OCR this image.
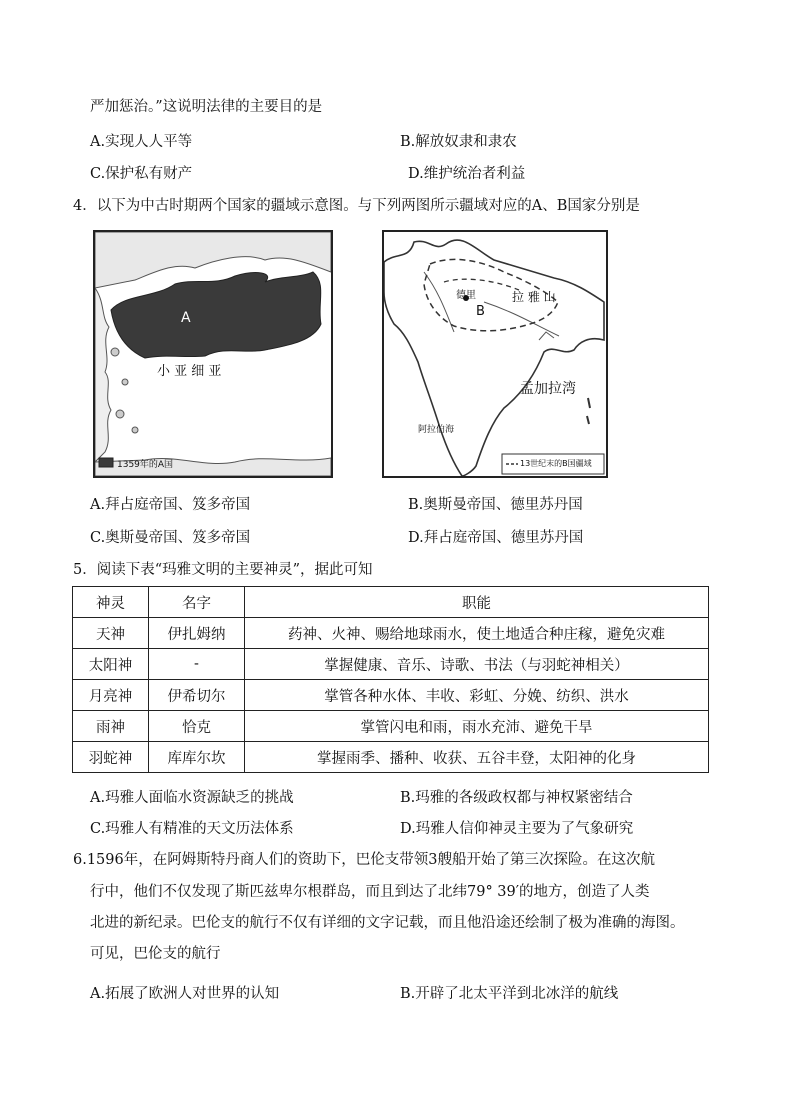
严加惩治。”这说明法律的主要目的是
A.实现人人平等	B.解放奴隶和隶农
C.保护私有财产	D.维护统治者利益
4．以下为中古时期两个国家的疆域示意图。与下列两图所示疆域对应的A、B国家分别是
A
小 亚 细 亚
1359年的A国
B
德里	拉 雅 山
孟加拉湾
阿拉伯海
13世纪末的B国疆域
A.拜占庭帝国、笈多帝国	B.奥斯曼帝国、德里苏丹国
C.奥斯曼帝国、笈多帝国	D.拜占庭帝国、德里苏丹国
5．阅读下表“玛雅文明的主要神灵”，据此可知
神灵	名字	职能
天神	伊扎姆纳	药神、火神、赐给地球雨水，使土地适合种庄稼，避免灾难
太阳神	-	掌握健康、音乐、诗歌、书法（与羽蛇神相关）
月亮神	伊希切尔	掌管各种水体、丰收、彩虹、分娩、纺织、洪水
雨神	恰克	掌管闪电和雨，雨水充沛、避免干旱
羽蛇神	库库尔坎	掌握雨季、播种、收获、五谷丰登，太阳神的化身
A.玛雅人面临水资源缺乏的挑战	B.玛雅的各级政权都与神权紧密结合
C.玛雅人有精准的天文历法体系	D.玛雅人信仰神灵主要为了气象研究
6.1596年，在阿姆斯特丹商人们的资助下，巴伦支带领3艘船开始了第三次探险。在这次航
行中，他们不仅发现了斯匹兹卑尔根群岛，而且到达了北纬79° 39′的地方，创造了人类
北进的新纪录。巴伦支的航行不仅有详细的文字记载，而且他沿途还绘制了极为准确的海图。
可见，巴伦支的航行
A.拓展了欧洲人对世界的认知	B.开辟了北太平洋到北冰洋的航线
